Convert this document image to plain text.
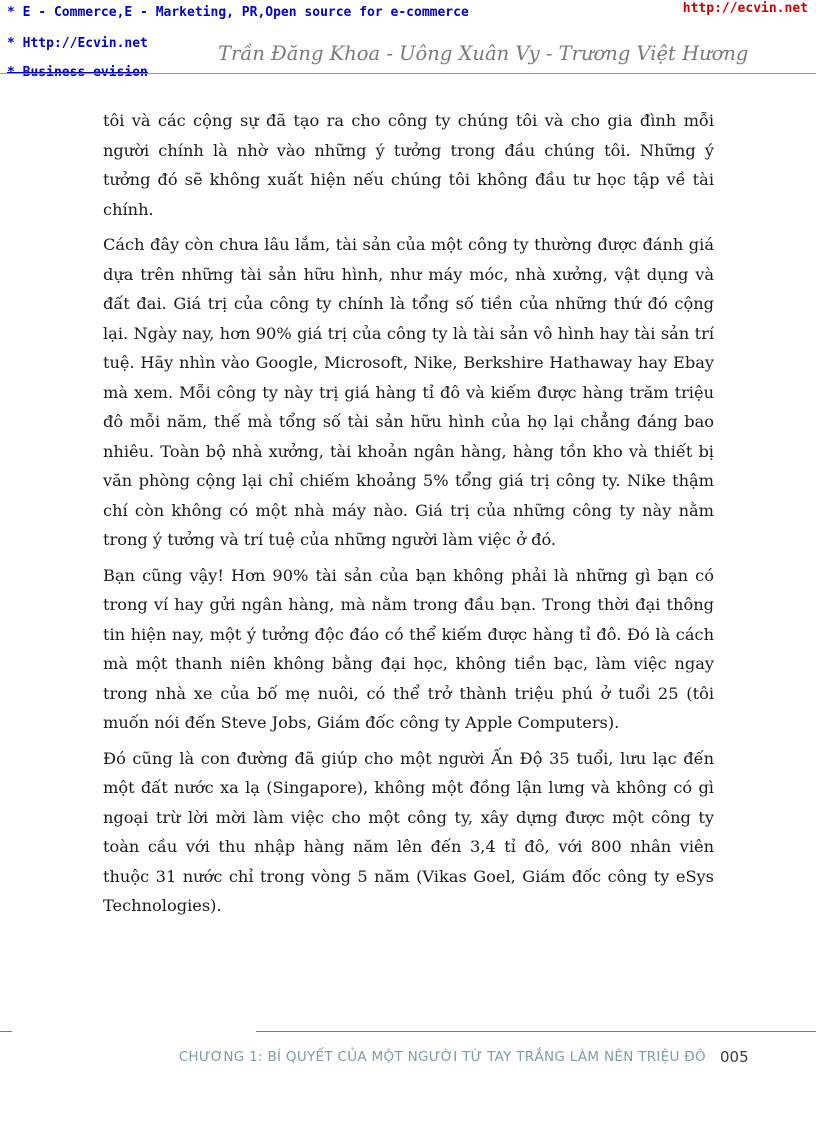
* E - Commerce,E - Marketing, PR,Open source for e-commerce

* Http://Ecvin.net

* Business evision

http://ecvin.net

Trần Đăng Khoa - Uông Xuân Vy - Trương Việt Hương

tôi và các cộng sự đã tạo ra cho công ty chúng tôi và cho gia đình mỗi người chính là nhờ vào những ý tưởng trong đầu chúng tôi. Những ý tưởng đó sẽ không xuất hiện nếu chúng tôi không đầu tư học tập về tài chính.

Cách đây còn chưa lâu lắm, tài sản của một công ty thường được đánh giá dựa trên những tài sản hữu hình, như máy móc, nhà xưởng, vật dụng và đất đai. Giá trị của công ty chính là tổng số tiền của những thứ đó cộng lại. Ngày nay, hơn 90% giá trị của công ty là tài sản vô hình hay tài sản trí tuệ. Hãy nhìn vào Google, Microsoft, Nike, Berkshire Hathaway hay Ebay mà xem. Mỗi công ty này trị giá hàng tỉ đô và kiếm được hàng trăm triệu đô mỗi năm, thế mà tổng số tài sản hữu hình của họ lại chẳng đáng bao nhiêu. Toàn bộ nhà xưởng, tài khoản ngân hàng, hàng tồn kho và thiết bị văn phòng cộng lại chỉ chiếm khoảng 5% tổng giá trị công ty. Nike thậm chí còn không có một nhà máy nào. Giá trị của những công ty này nằm trong ý tưởng và trí tuệ của những người làm việc ở đó.

Bạn cũng vậy! Hơn 90% tài sản của bạn không phải là những gì bạn có trong ví hay gửi ngân hàng, mà nằm trong đầu bạn. Trong thời đại thông tin hiện nay, một ý tưởng độc đáo có thể kiếm được hàng tỉ đô. Đó là cách mà một thanh niên không bằng đại học, không tiền bạc, làm việc ngay trong nhà xe của bố mẹ nuôi, có thể trở thành triệu phú ở tuổi 25 (tôi muốn nói đến Steve Jobs, Giám đốc công ty Apple Computers).

Đó cũng là con đường đã giúp cho một người Ấn Độ 35 tuổi, lưu lạc đến một đất nước xa lạ (Singapore), không một đồng lận lưng và không có gì ngoại trừ lời mời làm việc cho một công ty, xây dựng được một công ty toàn cầu với thu nhập hàng năm lên đến 3,4 tỉ đô, với 800 nhân viên thuộc 31 nước chỉ trong vòng 5 năm (Vikas Goel, Giám đốc công ty eSys Technologies).

CHƯƠNG 1: BÍ QUYẾT CỦA MỘT NGƯỜI TỪ TAY TRẮNG LÀM NÊN TRIỆU ĐÔ 005
